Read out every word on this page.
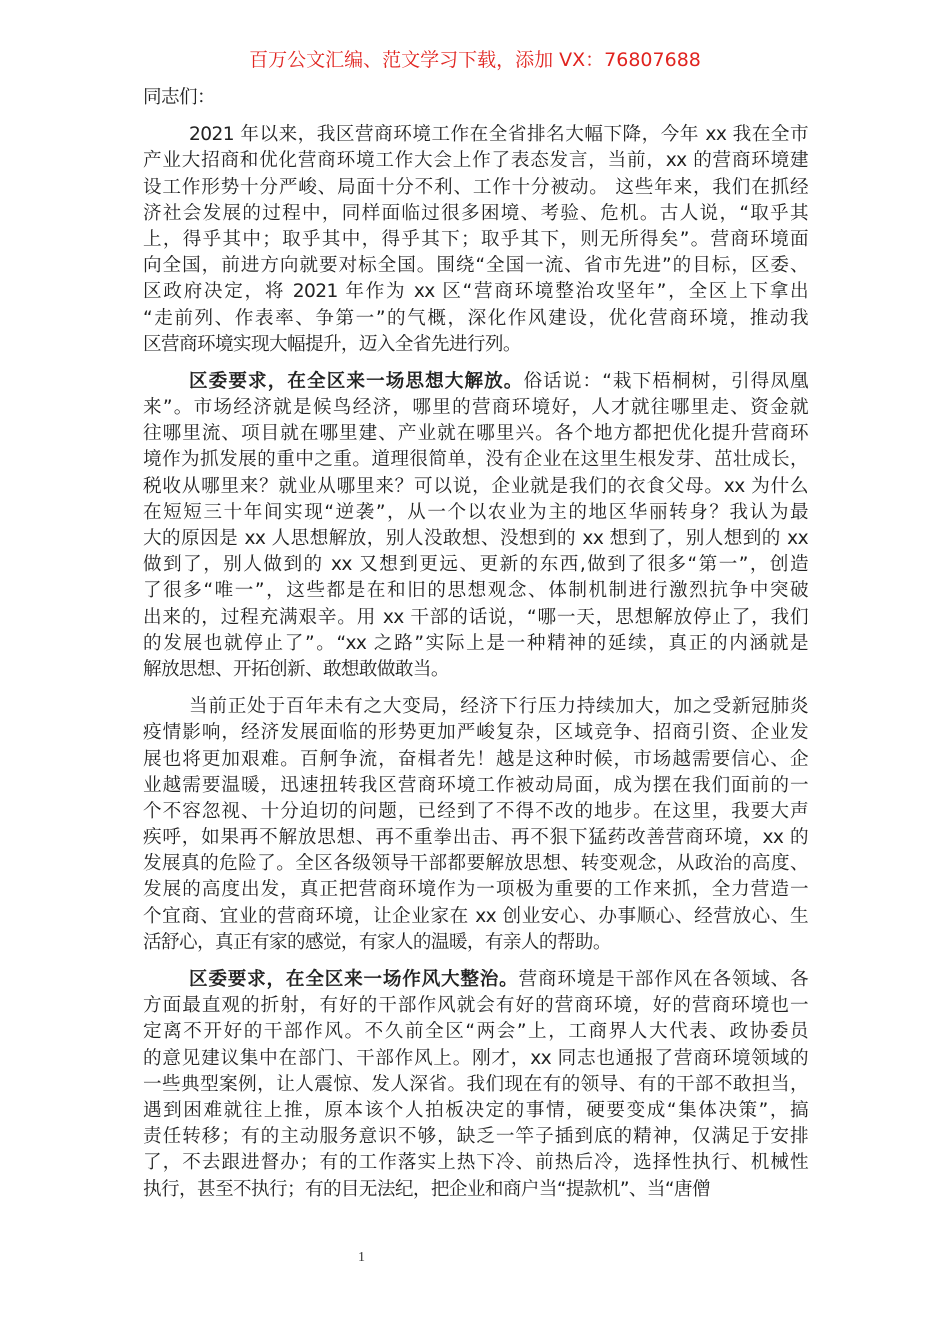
百万公文汇编、范文学习下载，添加 VX：76807688
同志们：
2021 年以来，我区营商环境工作在全省排名大幅下降，今年 xx 我在全市
产业大招商和优化营商环境工作大会上作了表态发言，当前，xx 的营商环境建
设工作形势十分严峻、局面十分不利、工作十分被动。 这些年来，我们在抓经
济社会发展的过程中，同样面临过很多困境、考验、危机。古人说，“取乎其
上，得乎其中；取乎其中，得乎其下；取乎其下，则无所得矣”。营商环境面
向全国，前进方向就要对标全国。围绕“全国一流、省市先进”的目标，区委、
区政府决定，将 2021 年作为 xx 区“营商环境整治攻坚年”，全区上下拿出
“走前列、作表率、争第一”的气概，深化作风建设，优化营商环境，推动我
区营商环境实现大幅提升，迈入全省先进行列。
区委要求，在全区来一场思想大解放。俗话说：“栽下梧桐树，引得凤凰
来”。市场经济就是候鸟经济，哪里的营商环境好，人才就往哪里走、资金就
往哪里流、项目就在哪里建、产业就在哪里兴。各个地方都把优化提升营商环
境作为抓发展的重中之重。道理很简单，没有企业在这里生根发芽、茁壮成长，
税收从哪里来？就业从哪里来？可以说，企业就是我们的衣食父母。xx 为什么
在短短三十年间实现“逆袭”，从一个以农业为主的地区华丽转身？我认为最
大的原因是 xx 人思想解放，别人没敢想、没想到的 xx 想到了，别人想到的 xx
做到了，别人做到的 xx 又想到更远、更新的东西,做到了很多“第一”，创造
了很多“唯一”，这些都是在和旧的思想观念、体制机制进行激烈抗争中突破
出来的，过程充满艰辛。用 xx 干部的话说，“哪一天，思想解放停止了，我们
的发展也就停止了”。“xx 之路”实际上是一种精神的延续，真正的内涵就是
解放思想、开拓创新、敢想敢做敢当。
当前正处于百年未有之大变局，经济下行压力持续加大，加之受新冠肺炎
疫情影响，经济发展面临的形势更加严峻复杂，区域竞争、招商引资、企业发
展也将更加艰难。百舸争流，奋楫者先！越是这种时候，市场越需要信心、企
业越需要温暖，迅速扭转我区营商环境工作被动局面，成为摆在我们面前的一
个不容忽视、十分迫切的问题，已经到了不得不改的地步。在这里，我要大声
疾呼，如果再不解放思想、再不重拳出击、再不狠下猛药改善营商环境，xx 的
发展真的危险了。全区各级领导干部都要解放思想、转变观念，从政治的高度、
发展的高度出发，真正把营商环境作为一项极为重要的工作来抓，全力营造一
个宜商、宜业的营商环境，让企业家在 xx 创业安心、办事顺心、经营放心、生
活舒心，真正有家的感觉，有家人的温暖，有亲人的帮助。
区委要求，在全区来一场作风大整治。营商环境是干部作风在各领域、各
方面最直观的折射，有好的干部作风就会有好的营商环境，好的营商环境也一
定离不开好的干部作风。不久前全区“两会”上，工商界人大代表、政协委员
的意见建议集中在部门、干部作风上。刚才，xx 同志也通报了营商环境领域的
一些典型案例，让人震惊、发人深省。我们现在有的领导、有的干部不敢担当，
遇到困难就往上推，原本该个人拍板决定的事情，硬要变成“集体决策”，搞
责任转移；有的主动服务意识不够，缺乏一竿子插到底的精神，仅满足于安排
了，不去跟进督办；有的工作落实上热下冷、前热后冷，选择性执行、机械性
执行，甚至不执行；有的目无法纪，把企业和商户当“提款机”、当“唐僧
1
